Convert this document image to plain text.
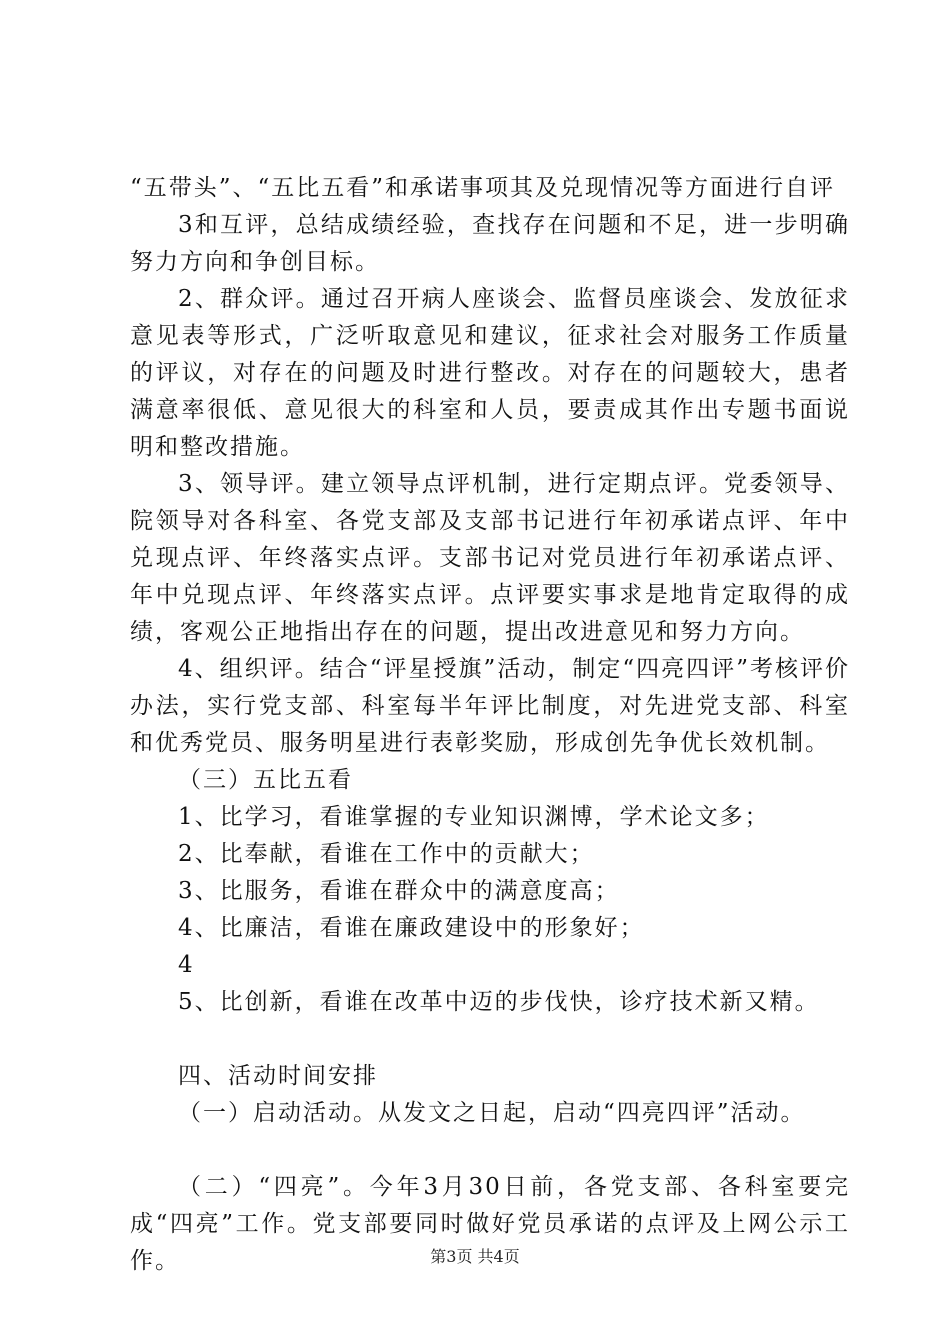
“五带头”、“五比五看”和承诺事项其及兑现情况等方面进行自评

3和互评，总结成绩经验，查找存在问题和不足，进一步明确努力方向和争创目标。

2、群众评。通过召开病人座谈会、监督员座谈会、发放征求意见表等形式，广泛听取意见和建议，征求社会对服务工作质量的评议，对存在的问题及时进行整改。对存在的问题较大，患者满意率很低、意见很大的科室和人员，要责成其作出专题书面说明和整改措施。

3、领导评。建立领导点评机制，进行定期点评。党委领导、院领导对各科室、各党支部及支部书记进行年初承诺点评、年中兑现点评、年终落实点评。支部书记对党员进行年初承诺点评、年中兑现点评、年终落实点评。点评要实事求是地肯定取得的成绩，客观公正地指出存在的问题，提出改进意见和努力方向。

4、组织评。结合“评星授旗”活动，制定“四亮四评”考核评价办法，实行党支部、科室每半年评比制度，对先进党支部、科室和优秀党员、服务明星进行表彰奖励，形成创先争优长效机制。

（三）五比五看

1、比学习，看谁掌握的专业知识渊博，学术论文多；

2、比奉献，看谁在工作中的贡献大；

3、比服务，看谁在群众中的满意度高；

4、比廉洁，看谁在廉政建设中的形象好；

4

5、比创新，看谁在改革中迈的步伐快，诊疗技术新又精。

四、活动时间安排

（一）启动活动。从发文之日起，启动“四亮四评”活动。

（二）“四亮”。今年3月30日前，各党支部、各科室要完成“四亮”工作。党支部要同时做好党员承诺的点评及上网公示工作。	第3页 共4页
